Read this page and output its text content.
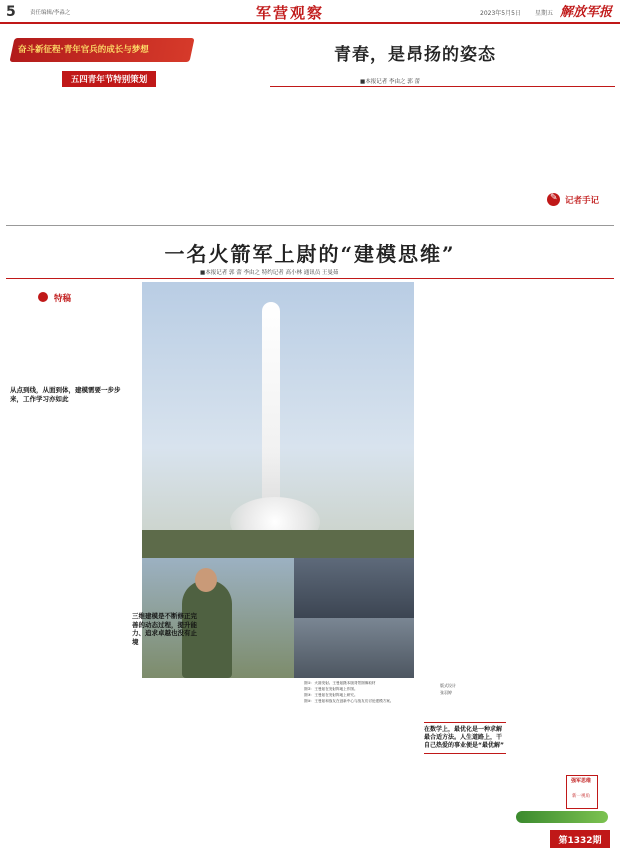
5	责任编辑/李淼之	军营观察	2023年5月5日 星期五 解放军报
奋斗新征程·青年官兵的成长与梦想
五四青年节特别策划
青春，是昂扬的姿态
■本报记者 李由之 郭 蕾

✎ 记者手记
一名火箭军上尉的“建模思维”
■本报记者 郭 蕾 李由之 特约记者 高小林 通讯员 王曼茹
特稿

从点到线，从面到体，建模需要一步步来，工作学习亦如此

图①：火箭发射。王曼茹摄本版背景图像取材
图②：王曼茹在发射阵地上作图。
图③：王曼茹在发射阵地上研究。
图④：王曼茹和战友在创新中心与战友们讨论建模方案。
版式设计
张羽婷

三维建模是不断修正完善的动态过程，提升能力、追求卓越也没有止境

在数学上，最优化是一种求解最合适方法。人生道路上，干自己热爱的事业便是“最优解”
强军思维
新一视角
第1332期
